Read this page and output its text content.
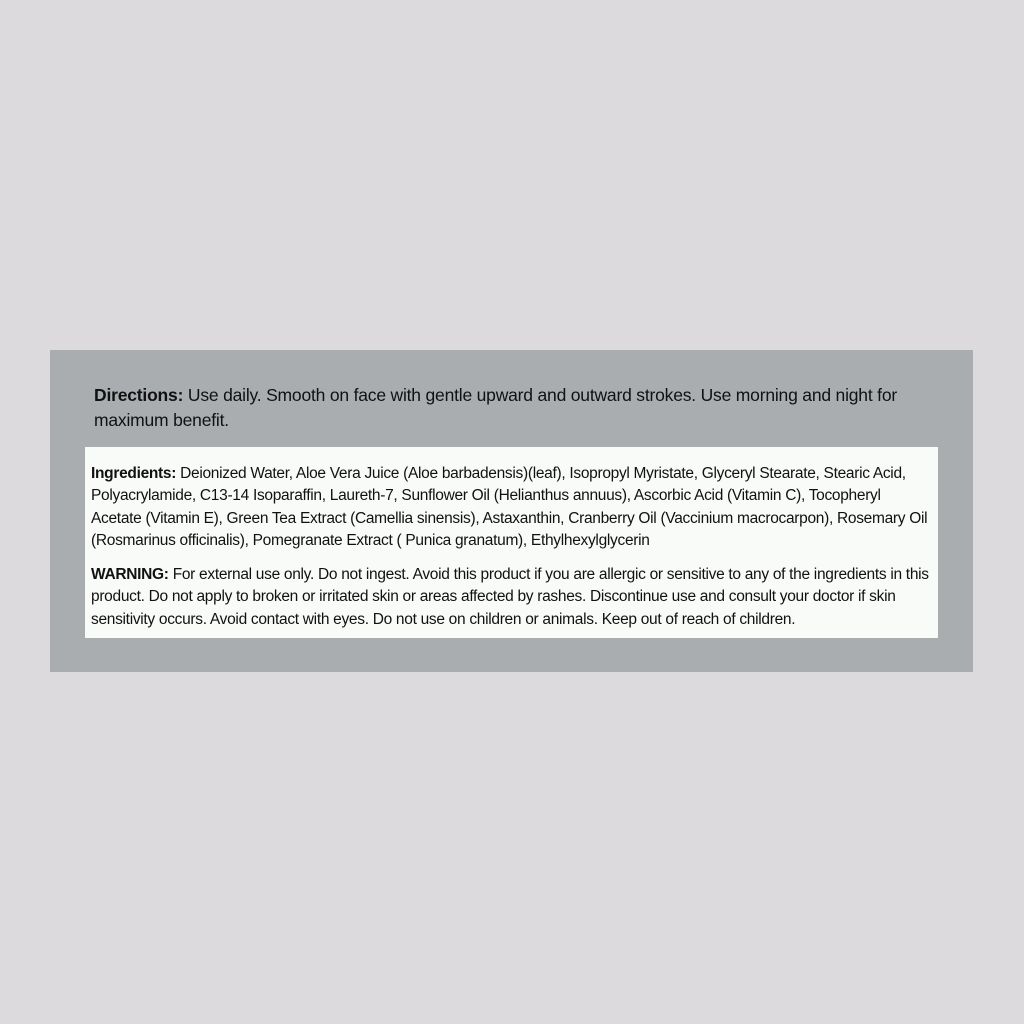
Directions: Use daily. Smooth on face with gentle upward and outward strokes. Use morning and night for maximum benefit.

Ingredients: Deionized Water, Aloe Vera Juice (Aloe barbadensis)(leaf), Isopropyl Myristate, Glyceryl Stearate, Stearic Acid, Polyacrylamide, C13-14 Isoparaffin, Laureth-7, Sunflower Oil (Helianthus annuus), Ascorbic Acid (Vitamin C), Tocopheryl Acetate (Vitamin E), Green Tea Extract (Camellia sinensis), Astaxanthin, Cranberry Oil (Vaccinium macrocarpon), Rosemary Oil (Rosmarinus officinalis), Pomegranate Extract ( Punica granatum), Ethylhexylglycerin

WARNING: For external use only. Do not ingest. Avoid this product if you are allergic or sensitive to any of the ingredients in this product. Do not apply to broken or irritated skin or areas affected by rashes. Discontinue use and consult your doctor if skin sensitivity occurs. Avoid contact with eyes. Do not use on children or animals. Keep out of reach of children.
